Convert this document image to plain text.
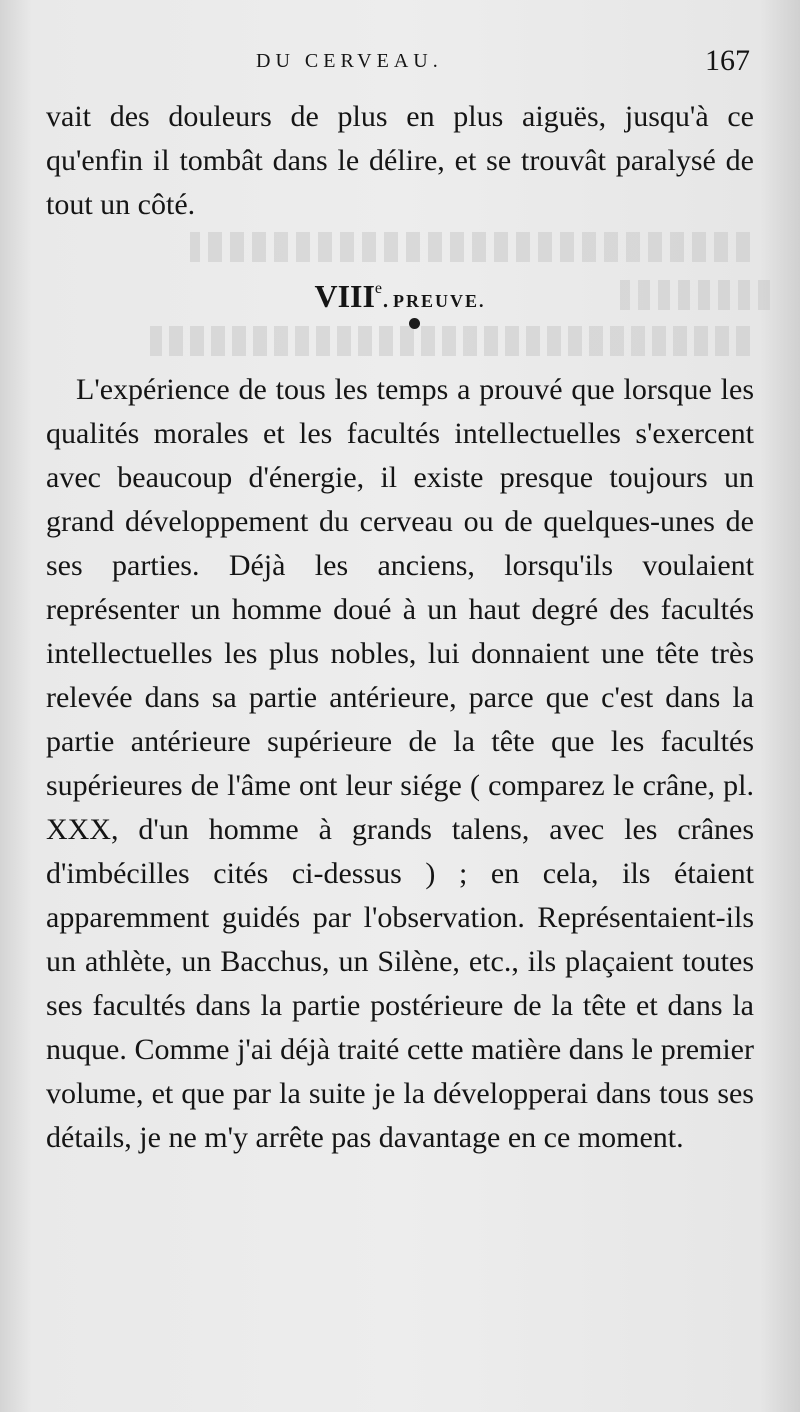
DU CERVEAU.	167

vait des douleurs de plus en plus aiguës, jusqu'à ce qu'enfin il tombât dans le délire, et se trouvât paralysé de tout un côté.

VIIIe. PREUVE.

L'expérience de tous les temps a prouvé que lorsque les qualités morales et les facultés intellectuelles s'exercent avec beaucoup d'énergie, il existe presque toujours un grand développement du cerveau ou de quelques-unes de ses parties. Déjà les anciens, lorsqu'ils voulaient représenter un homme doué à un haut degré des facultés intellectuelles les plus nobles, lui donnaient une tête très relevée dans sa partie antérieure, parce que c'est dans la partie antérieure supérieure de la tête que les facultés supérieures de l'âme ont leur siége ( comparez le crâne, pl. XXX, d'un homme à grands talens, avec les crânes d'imbécilles cités ci-dessus ) ; en cela, ils étaient apparemment guidés par l'observation. Représentaient-ils un athlète, un Bacchus, un Silène, etc., ils plaçaient toutes ses facultés dans la partie postérieure de la tête et dans la nuque. Comme j'ai déjà traité cette matière dans le premier volume, et que par la suite je la développerai dans tous ses détails, je ne m'y arrête pas davantage en ce moment.
